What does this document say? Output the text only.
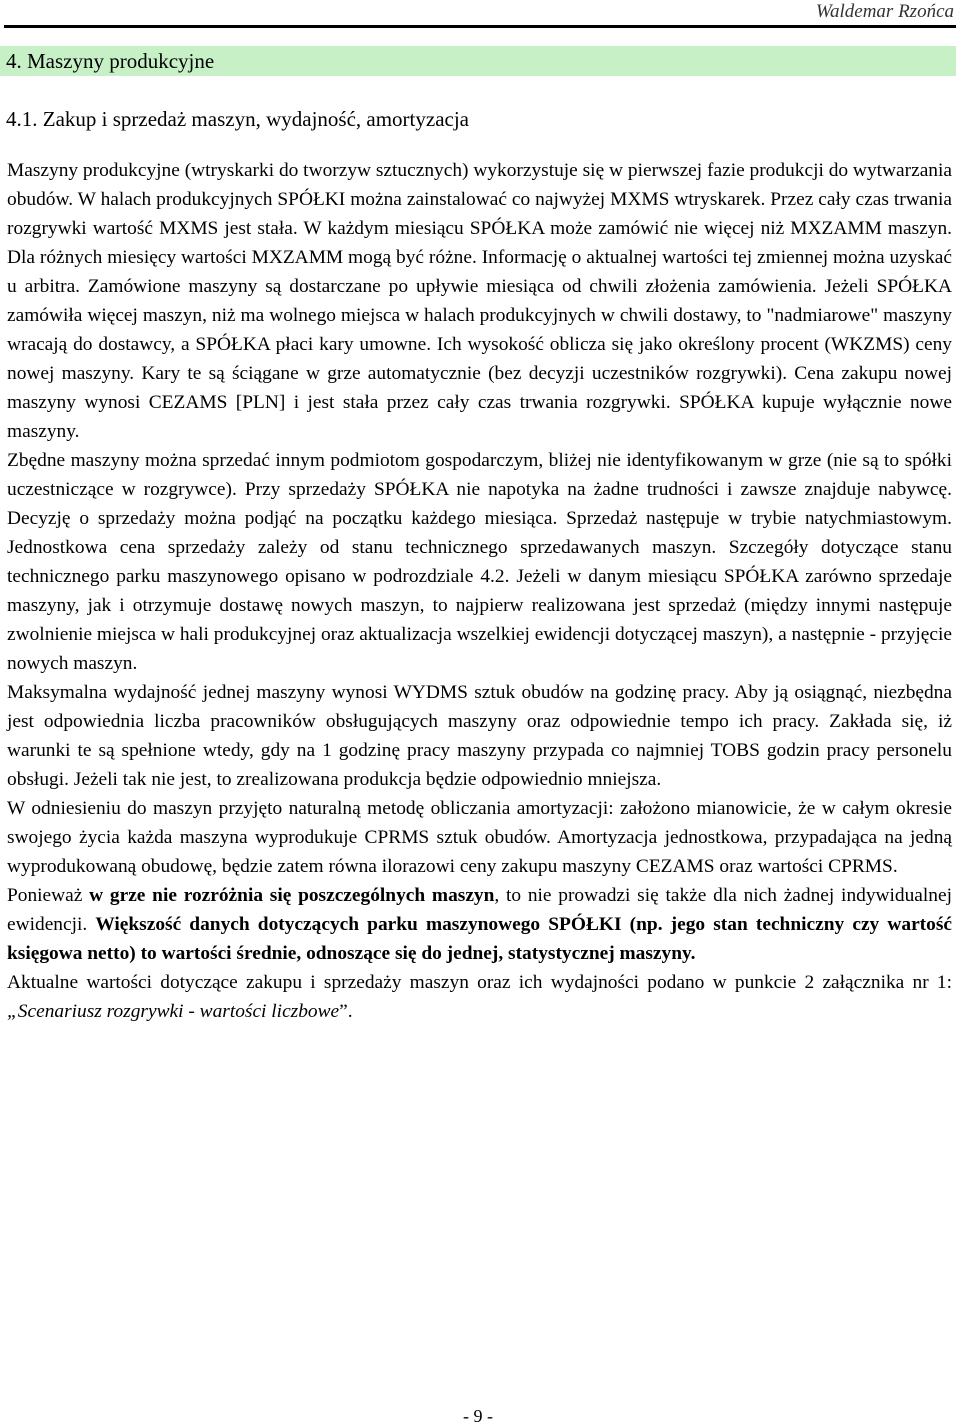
Waldemar Rzońca
4. Maszyny produkcyjne
4.1. Zakup i sprzedaż maszyn, wydajność, amortyzacja

Maszyny produkcyjne (wtryskarki do tworzyw sztucznych) wykorzystuje się w pierwszej fazie produkcji do wytwarzania obudów. W halach produkcyjnych SPÓŁKI można zainstalować co najwyżej MXMS wtryskarek. Przez cały czas trwania rozgrywki wartość MXMS jest stała. W każdym miesiącu SPÓŁKA może zamówić nie więcej niż MXZAMM maszyn. Dla różnych miesięcy wartości MXZAMM mogą być różne. Informację o aktualnej wartości tej zmiennej można uzyskać u arbitra. Zamówione maszyny są dostarczane po upływie miesiąca od chwili złożenia zamówienia. Jeżeli SPÓŁKA zamówiła więcej maszyn, niż ma wolnego miejsca w halach produkcyjnych w chwili dostawy, to "nadmiarowe" maszyny wracają do dostawcy, a SPÓŁKA płaci kary umowne. Ich wysokość oblicza się jako określony procent (WKZMS) ceny nowej maszyny. Kary te są ściągane w grze automatycznie (bez decyzji uczestników rozgrywki). Cena zakupu nowej maszyny wynosi CEZAMS [PLN] i jest stała przez cały czas trwania rozgrywki. SPÓŁKA kupuje wyłącznie nowe maszyny.

Zbędne maszyny można sprzedać innym podmiotom gospodarczym, bliżej nie identyfikowanym w grze (nie są to spółki uczestniczące w rozgrywce). Przy sprzedaży SPÓŁKA nie napotyka na żadne trudności i zawsze znajduje nabywcę. Decyzję o sprzedaży można podjąć na początku każdego miesiąca. Sprzedaż następuje w trybie natychmiastowym. Jednostkowa cena sprzedaży zależy od stanu technicznego sprzedawanych maszyn. Szczegóły dotyczące stanu technicznego parku maszynowego opisano w podrozdziale 4.2. Jeżeli w danym miesiącu SPÓŁKA zarówno sprzedaje maszyny, jak i otrzymuje dostawę nowych maszyn, to najpierw realizowana jest sprzedaż (między innymi następuje zwolnienie miejsca w hali produkcyjnej oraz aktualizacja wszelkiej ewidencji dotyczącej maszyn), a następnie - przyjęcie nowych maszyn.

Maksymalna wydajność jednej maszyny wynosi WYDMS sztuk obudów na godzinę pracy. Aby ją osiągnąć, niezbędna jest odpowiednia liczba pracowników obsługujących maszyny oraz odpowiednie tempo ich pracy. Zakłada się, iż warunki te są spełnione wtedy, gdy na 1 godzinę pracy maszyny przypada co najmniej TOBS godzin pracy personelu obsługi. Jeżeli tak nie jest, to zrealizowana produkcja będzie odpowiednio mniejsza.

W odniesieniu do maszyn przyjęto naturalną metodę obliczania amortyzacji: założono mianowicie, że w całym okresie swojego życia każda maszyna wyprodukuje CPRMS sztuk obudów. Amortyzacja jednostkowa, przypadająca na jedną wyprodukowaną obudowę, będzie zatem równa ilorazowi ceny zakupu maszyny CEZAMS oraz wartości CPRMS.

Ponieważ w grze nie rozróżnia się poszczególnych maszyn, to nie prowadzi się także dla nich żadnej indywidualnej ewidencji. Większość danych dotyczących parku maszynowego SPÓŁKI (np. jego stan techniczny czy wartość księgowa netto) to wartości średnie, odnoszące się do jednej, statystycznej maszyny.

Aktualne wartości dotyczące zakupu i sprzedaży maszyn oraz ich wydajności podano w punkcie 2 załącznika nr 1: „Scenariusz rozgrywki - wartości liczbowe”.

- 9 -
